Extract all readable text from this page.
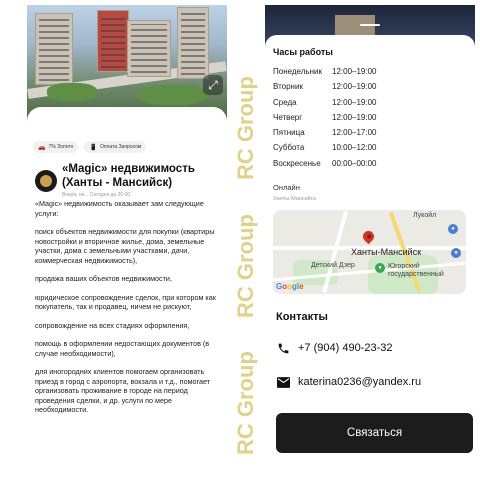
⤢
🚗 7% Золото	📱 Оплата Запросом
«Magic» недвижимость (Ханты - Мансийск)
Вчера, не... Сегодня до 20:00

«Magic» недвижимость оказывает зам следующие услуги:

поиск объектов недвижимости для покупки (квартиры новостройки и вторичное жилье, дома, земельные участки, дома с земельными участками, дачи, коммерческая недвижимость),

продажа ваших объектов недвижимости,

юридическое сопровождение сделок, при котором как покупатель, так и продавец, ничем не рискуют,

сопровождение на всех стадиях оформления,

помощь в оформлении недостающих документов (в случае необходимости),

для иногородних клиентов помогаем организовать приезд в город с аэропорта, вокзала и т.д., помогает организовать проживание в городе на период проведения сделки, и др. услуги по мере необходимости.

RC Group
RC Group
RC Group
Часы работы
Понедельник	12:00–19:00
Вторник	12:00–19:00
Среда	12:00–19:00
Четверг	12:00–19:00
Пятница	12:00–17:00
Суббота	10:00–12:00
Воскресенье	00:00–00:00
Онлайн
Ханты-Мансийск
Лукойл
Ханты-Мансийск
Детский Дзер	Югорский государственный
●
●
●
Google
Контакты
+7 (904) 490-23-32
katerina0236@yandex.ru
Связаться
